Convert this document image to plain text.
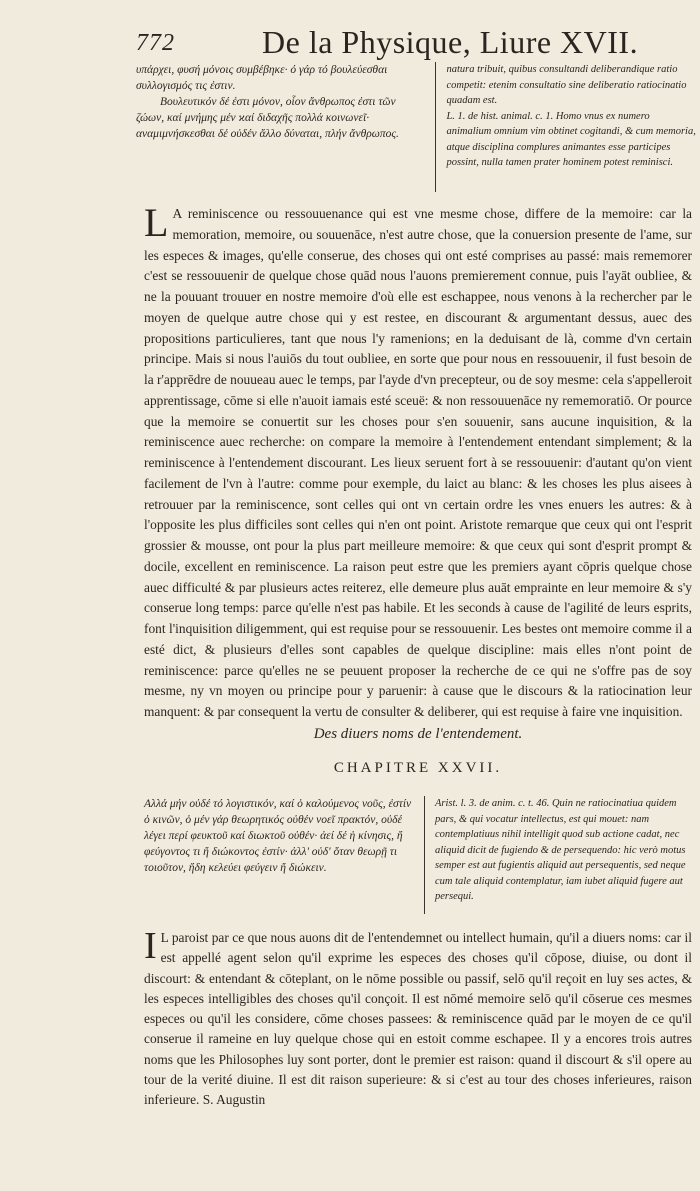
772	De la Physique, Liure XVII.

υπάρχει, φυσή μόνοις συμβέβηκε· ό γάρ τό βουλεύεσθαι συλλογισμός τις ἐστιν.

Βουλευτικόν δέ ἐστι μόνον, οἷον ἄνθρωπος ἐστι τῶν ζώων, καί μνήμης μέν ϰαί διδαχῆς πολλά κοινωνεῖ· αναμιμνήσκεσθαι δέ οὐδέν ἄλλο δύναται, πλήν ἄνθρωπος.

natura tribuit, quibus consultandi deliberandique ratio competit: etenim consultatio sine deliberatio ratiocinatio quadam est.

L. 1. de hist. animal. c. 1. Homo vnus ex numero animalium omnium vim obtinet cogitandi, & cum memoria, atque disciplina complures animantes esse participes possint, nulla tamen prater hominem potest reminisci.

L A reminiscence ou ressouuenance qui est vne mesme chose, differe de la memoire: car la memoration, memoire, ou souuenāce, n'est autre chose, que la conuersion presente de l'ame, sur les especes & images, qu'elle conserue, des choses qui ont esté comprises au passé: mais rememorer c'est se ressouuenir de quelque chose quād nous l'auons premierement connue, puis l'ayāt oubliee, & ne la pouuant trouuer en nostre memoire d'où elle est eschappee, nous venons à la rechercher par le moyen de quelque autre chose qui y est restee, en discourant & argumentant dessus, auec des propositions particulieres, tant que nous l'y ramenions; en la deduisant de là, comme d'vn certain principe. Mais si nous l'auiōs du tout oubliee, en sorte que pour nous en ressouuenir, il fust besoin de la r'apprēdre de nouueau auec le temps, par l'ayde d'vn precepteur, ou de soy mesme: cela s'appelleroit apprentissage, cōme si elle n'auoit iamais esté sceuë: & non ressouuenāce ny rememoratiō. Or pource que la memoire se conuertit sur les choses pour s'en souuenir, sans aucune inquisition, & la reminiscence auec recherche: on compare la memoire à l'entendement entendant simplement; & la reminiscence à l'entendement discourant. Les lieux seruent fort à se ressouuenir: d'autant qu'on vient facilement de l'vn à l'autre: comme pour exemple, du laict au blanc: & les choses les plus aisees à retrouuer par la reminiscence, sont celles qui ont vn certain ordre les vnes enuers les autres: & à l'opposite les plus difficiles sont celles qui n'en ont point. Aristote remarque que ceux qui ont l'esprit grossier & mousse, ont pour la plus part meilleure memoire: & que ceux qui sont d'esprit prompt & docile, excellent en reminiscence. La raison peut estre que les premiers ayant cōpris quelque chose auec difficulté & par plusieurs actes reiterez, elle demeure plus auāt emprainte en leur memoire & s'y conserue long temps: parce qu'elle n'est pas habile. Et les seconds à cause de l'agilité de leurs esprits, font l'inquisition diligemment, qui est requise pour se ressouuenir. Les bestes ont memoire comme il a esté dict, & plusieurs d'elles sont capables de quelque discipline: mais elles n'ont point de reminiscence: parce qu'elles ne se peuuent proposer la recherche de ce qui ne s'offre pas de soy mesme, ny vn moyen ou principe pour y paruenir: à cause que le discours & la ratiocination leur manquent: & par consequent la vertu de consulter & deliberer, qui est requise à faire vne inquisition.

Des diuers noms de l'entendement.
CHAPITRE XXVII.
Αλλά μήν οὐδέ τό λογιστικόν, καί ὁ καλούμενος νοῦς, ἐστίν ὁ κινῶν, ὁ μέν γάρ θεωρητικός οὐθέν νοεῖ πρακτόν, οὐδέ λέγει περί φευκτοῦ καί διωκτοῦ οὐθέν· ἀεί δέ ἡ κίνησις, ἤ φεύγοντος τι ἤ διώκοντος ἐστίν· ἀλλ' οὐδ' ὅταν θεωρῇ τι τοιοῦτον, ἤδη κελεύει φεύγειν ἤ διώκειν.
Arist. l. 3. de anim. c. t. 46. Quin ne ratiocinatiua quidem pars, & qui vocatur intellectus, est qui mouet: nam contemplatiuus nihil intelligit quod sub actione cadat, nec aliquid dicit de fugiendo & de persequendo: hic verò motus semper est aut fugientis aliquid aut persequentis, sed neque cum tale aliquid contemplatur, iam iubet aliquid fugere aut persequi.

I L paroist par ce que nous auons dit de l'entendemnet ou intellect humain, qu'il a diuers noms: car il est appellé agent selon qu'il exprime les especes des choses qu'il cōpose, diuise, ou dont il discourt: & entendant & cōteplant, on le nōme possible ou passif, selō qu'il reçoit en luy ses actes, & les especes intelligibles des choses qu'il conçoit. Il est nōmé memoire selō qu'il cōserue ces mesmes especes ou qu'il les considere, cōme choses passees: & reminiscence quād par le moyen de ce qu'il conserue il rameine en luy quelque chose qui en estoit comme eschapee. Il y a encores trois autres noms que les Philosophes luy sont porter, dont le premier est raison: quand il discourt & s'il opere au tour de la verité diuine. Il est dit raison superieure: & si c'est au tour des choses inferieures, raison inferieure. S. Augustin
